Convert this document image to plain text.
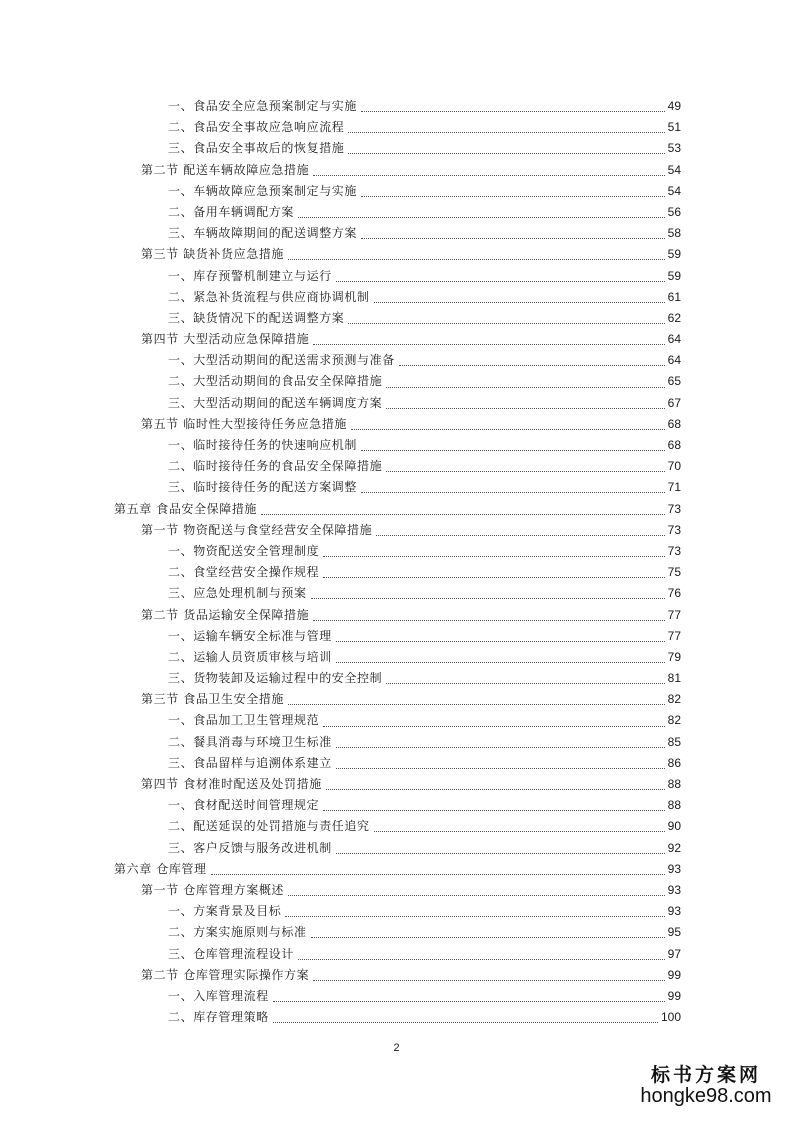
一、食品安全应急预案制定与实施	49
二、食品安全事故应急响应流程	51
三、食品安全事故后的恢复措施	53
第二节 配送车辆故障应急措施	54
一、车辆故障应急预案制定与实施	54
二、备用车辆调配方案	56
三、车辆故障期间的配送调整方案	58
第三节 缺货补货应急措施	59
一、库存预警机制建立与运行	59
二、紧急补货流程与供应商协调机制	61
三、缺货情况下的配送调整方案	62
第四节 大型活动应急保障措施	64
一、大型活动期间的配送需求预测与准备	64
二、大型活动期间的食品安全保障措施	65
三、大型活动期间的配送车辆调度方案	67
第五节 临时性大型接待任务应急措施	68
一、临时接待任务的快速响应机制	68
二、临时接待任务的食品安全保障措施	70
三、临时接待任务的配送方案调整	71
第五章 食品安全保障措施	73
第一节 物资配送与食堂经营安全保障措施	73
一、物资配送安全管理制度	73
二、食堂经营安全操作规程	75
三、应急处理机制与预案	76
第二节 货品运输安全保障措施	77
一、运输车辆安全标准与管理	77
二、运输人员资质审核与培训	79
三、货物装卸及运输过程中的安全控制	81
第三节 食品卫生安全措施	82
一、食品加工卫生管理规范	82
二、餐具消毒与环境卫生标准	85
三、食品留样与追溯体系建立	86
第四节 食材准时配送及处罚措施	88
一、食材配送时间管理规定	88
二、配送延误的处罚措施与责任追究	90
三、客户反馈与服务改进机制	92
第六章 仓库管理	93
第一节 仓库管理方案概述	93
一、方案背景及目标	93
二、方案实施原则与标准	95
三、仓库管理流程设计	97
第二节 仓库管理实际操作方案	99
一、入库管理流程	99
二、库存管理策略	100
2
标书方案网
hongke98.com
